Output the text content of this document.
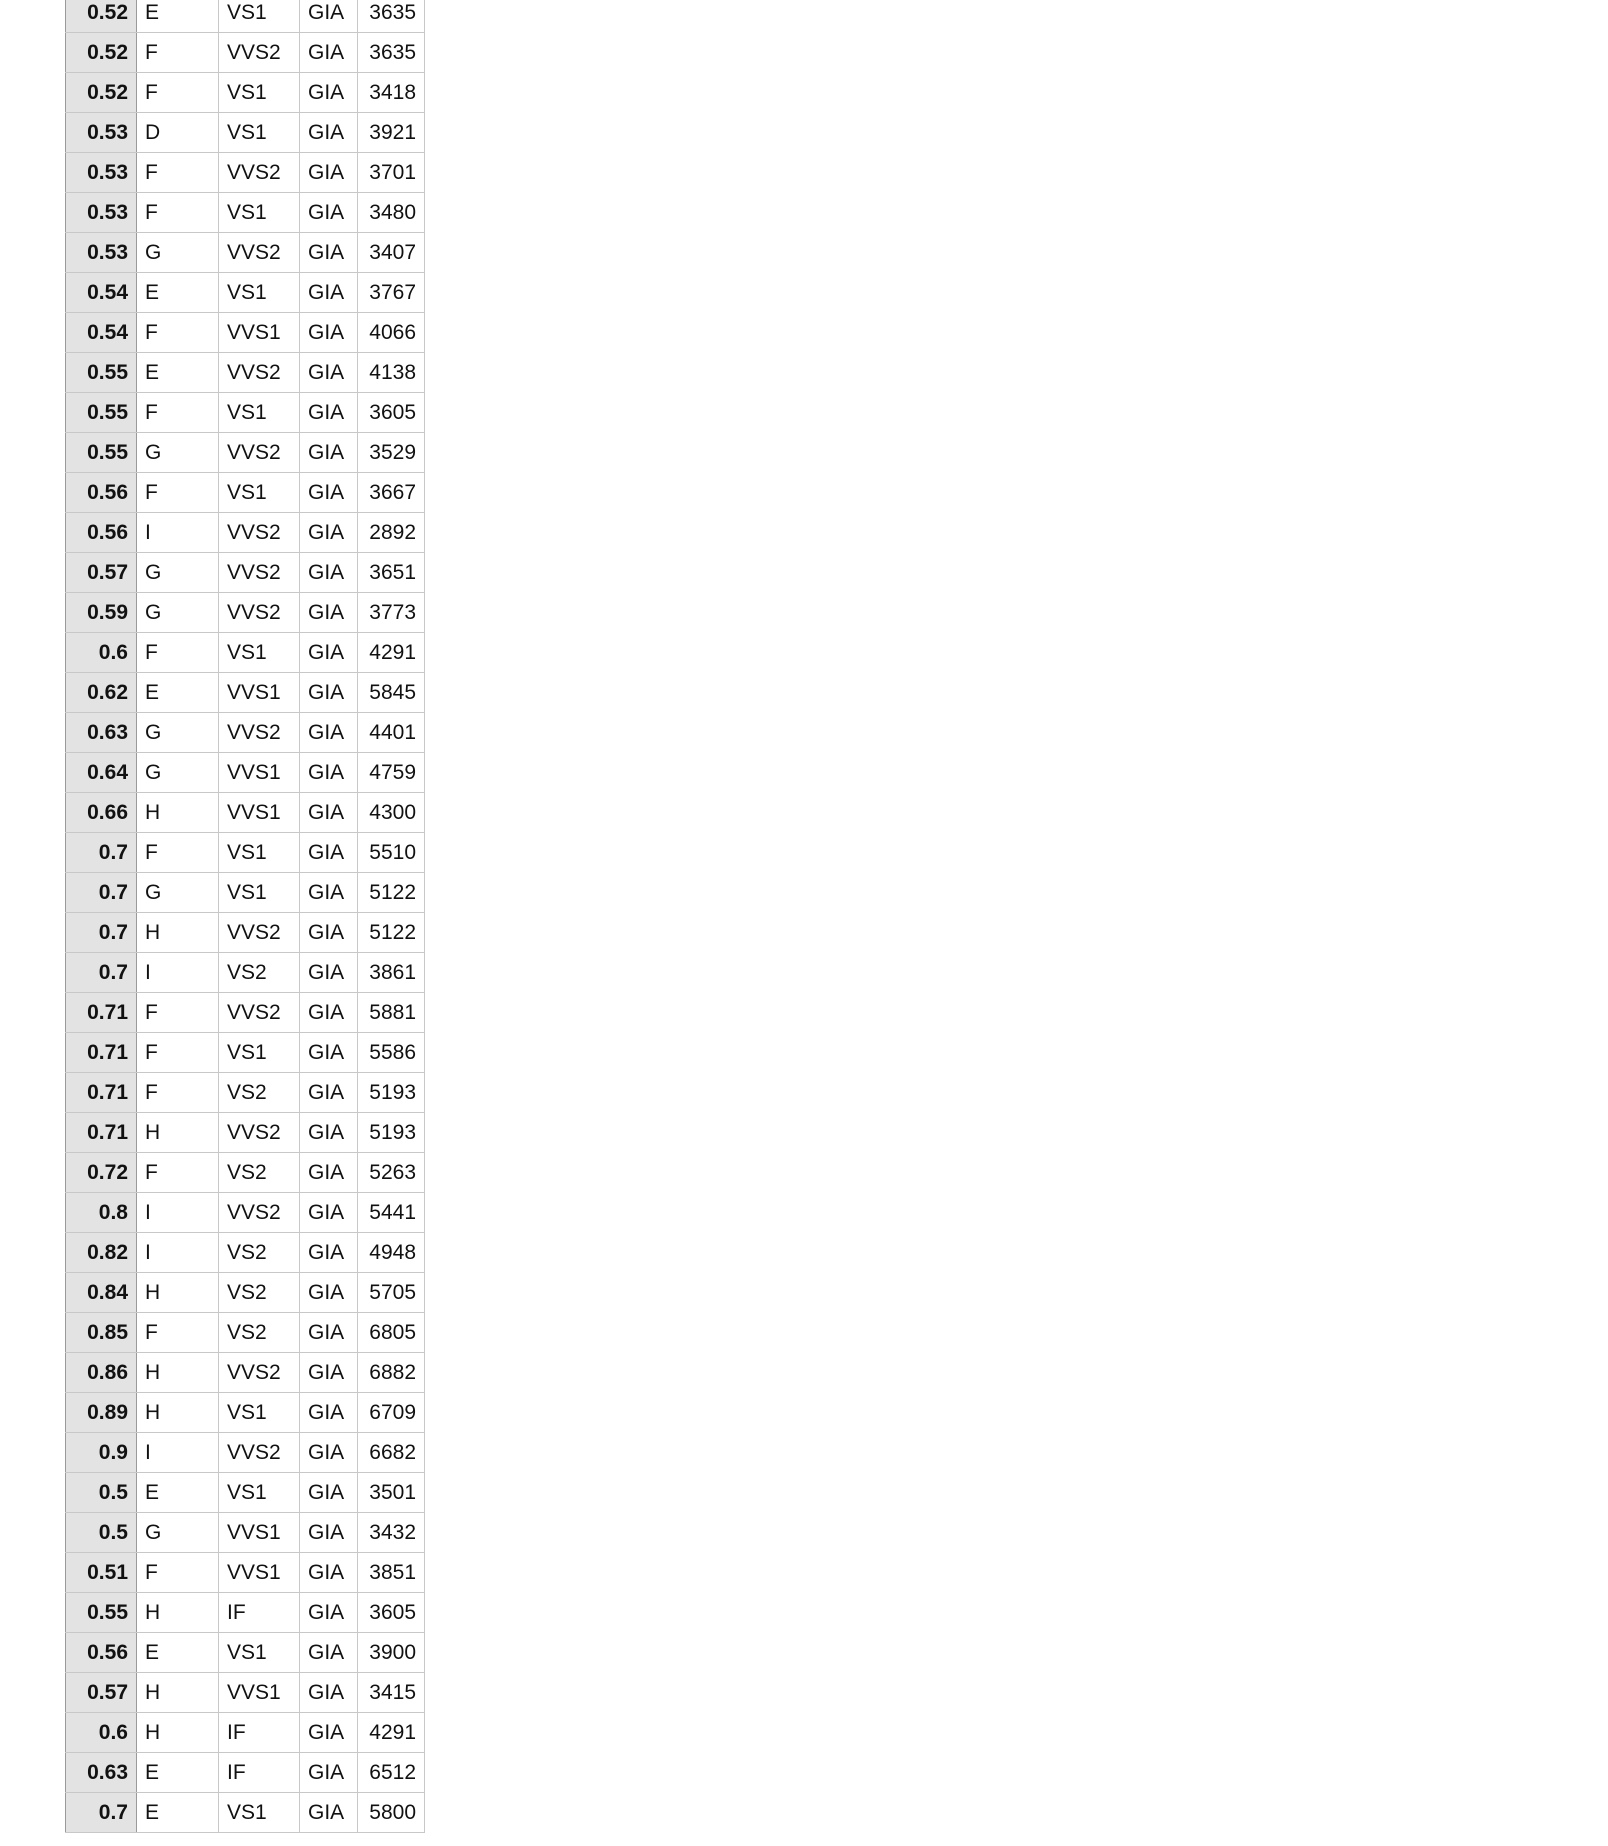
0.52	E	VS1	GIA	3635
0.52	F	VVS2	GIA	3635
0.52	F	VS1	GIA	3418
0.53	D	VS1	GIA	3921
0.53	F	VVS2	GIA	3701
0.53	F	VS1	GIA	3480
0.53	G	VVS2	GIA	3407
0.54	E	VS1	GIA	3767
0.54	F	VVS1	GIA	4066
0.55	E	VVS2	GIA	4138
0.55	F	VS1	GIA	3605
0.55	G	VVS2	GIA	3529
0.56	F	VS1	GIA	3667
0.56	I	VVS2	GIA	2892
0.57	G	VVS2	GIA	3651
0.59	G	VVS2	GIA	3773
0.6	F	VS1	GIA	4291
0.62	E	VVS1	GIA	5845
0.63	G	VVS2	GIA	4401
0.64	G	VVS1	GIA	4759
0.66	H	VVS1	GIA	4300
0.7	F	VS1	GIA	5510
0.7	G	VS1	GIA	5122
0.7	H	VVS2	GIA	5122
0.7	I	VS2	GIA	3861
0.71	F	VVS2	GIA	5881
0.71	F	VS1	GIA	5586
0.71	F	VS2	GIA	5193
0.71	H	VVS2	GIA	5193
0.72	F	VS2	GIA	5263
0.8	I	VVS2	GIA	5441
0.82	I	VS2	GIA	4948
0.84	H	VS2	GIA	5705
0.85	F	VS2	GIA	6805
0.86	H	VVS2	GIA	6882
0.89	H	VS1	GIA	6709
0.9	I	VVS2	GIA	6682
0.5	E	VS1	GIA	3501
0.5	G	VVS1	GIA	3432
0.51	F	VVS1	GIA	3851
0.55	H	IF	GIA	3605
0.56	E	VS1	GIA	3900
0.57	H	VVS1	GIA	3415
0.6	H	IF	GIA	4291
0.63	E	IF	GIA	6512
0.7	E	VS1	GIA	5800
